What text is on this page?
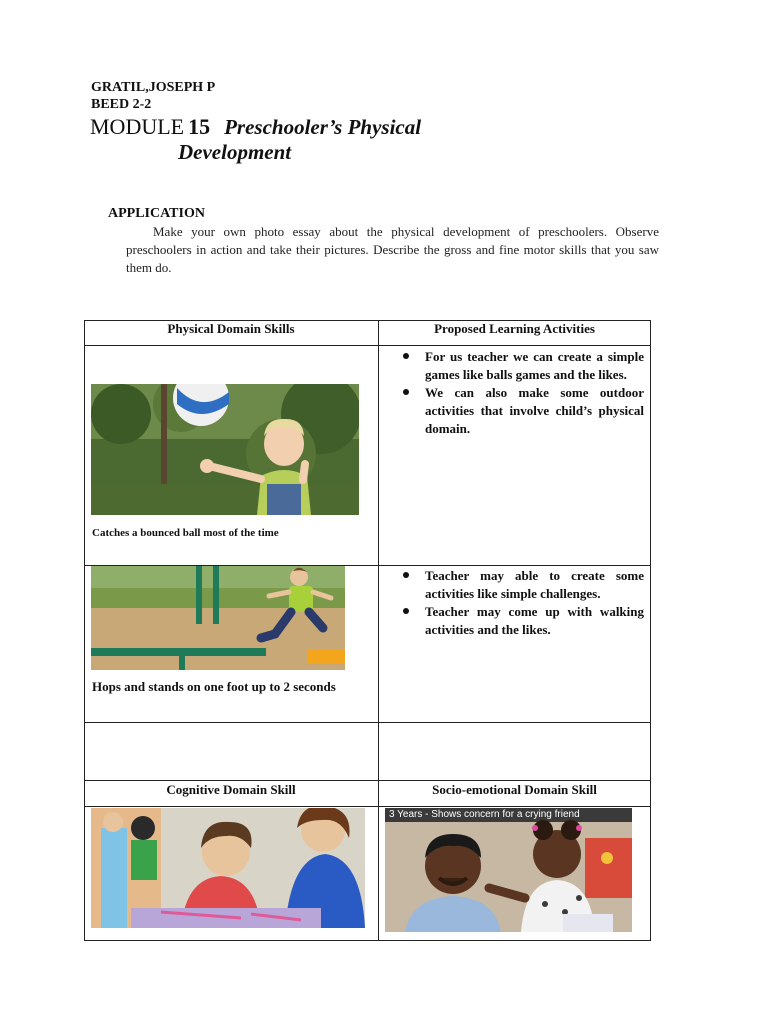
GRATIL,JOSEPH P
BEED 2-2
MODULE 15 Preschooler’s Physical
Development
APPLICATION
Make your own photo essay about the physical development of preschoolers. Observe preschoolers in action and take their pictures. Describe the gross and fine motor skills that you saw them do.
Physical Domain Skills	Proposed Learning Activities
Catches a bounced ball most of the time
For us teacher we can create a simple games like balls games and the likes.
We can also make some outdoor activities that involve child’s physical domain.
Hops and stands on one foot up to 2 seconds
Teacher may able to create some activities like simple challenges.
Teacher may come up with walking activities and the likes.
Cognitive Domain Skill	Socio-emotional Domain Skill
3 Years - Shows concern for a crying friend
